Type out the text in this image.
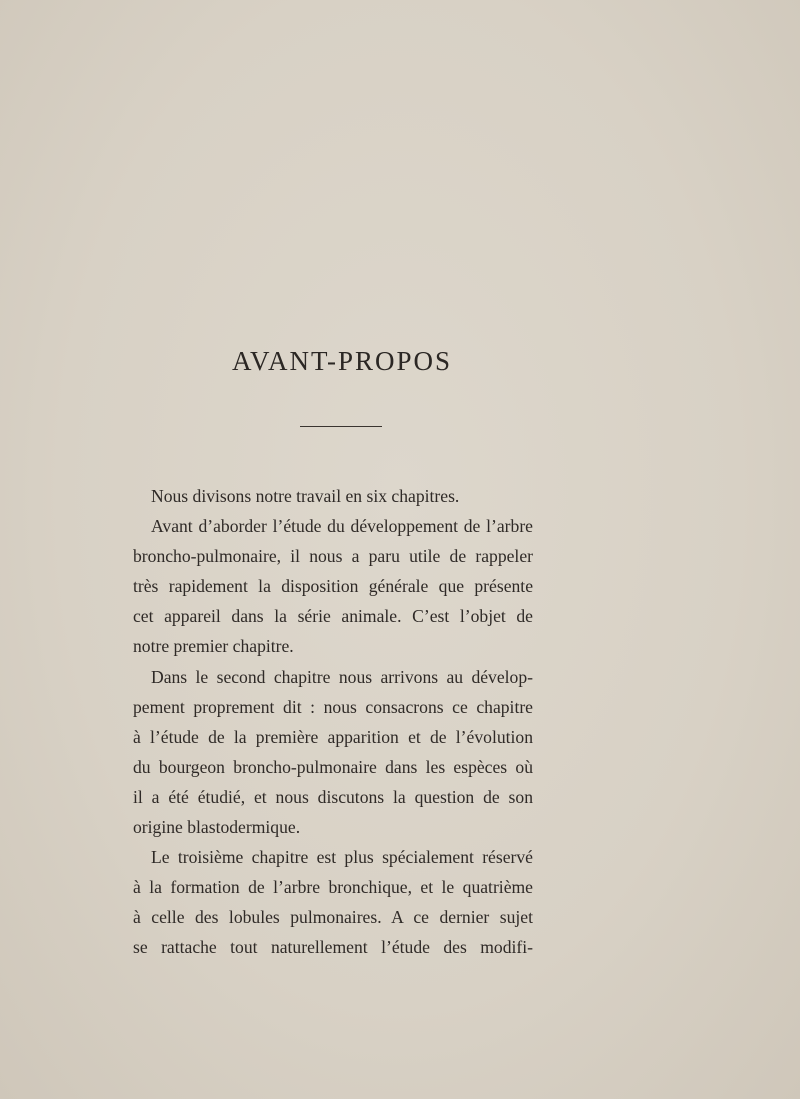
AVANT-PROPOS
Nous divisons notre travail en six chapitres.
Avant d’aborder l’étude du développement de l’arbre
broncho-pulmonaire, il nous a paru utile de rappeler
très rapidement la disposition générale que présente
cet appareil dans la série animale. C’est l’objet de
notre premier chapitre.
Dans le second chapitre nous arrivons au dévelop-
pement proprement dit : nous consacrons ce chapitre
à l’étude de la première apparition et de l’évolution
du bourgeon broncho-pulmonaire dans les espèces où
il a été étudié, et nous discutons la question de son
origine blastodermique.
Le troisième chapitre est plus spécialement réservé
à la formation de l’arbre bronchique, et le quatrième
à celle des lobules pulmonaires. A ce dernier sujet
se rattache tout naturellement l’étude des modifi-
